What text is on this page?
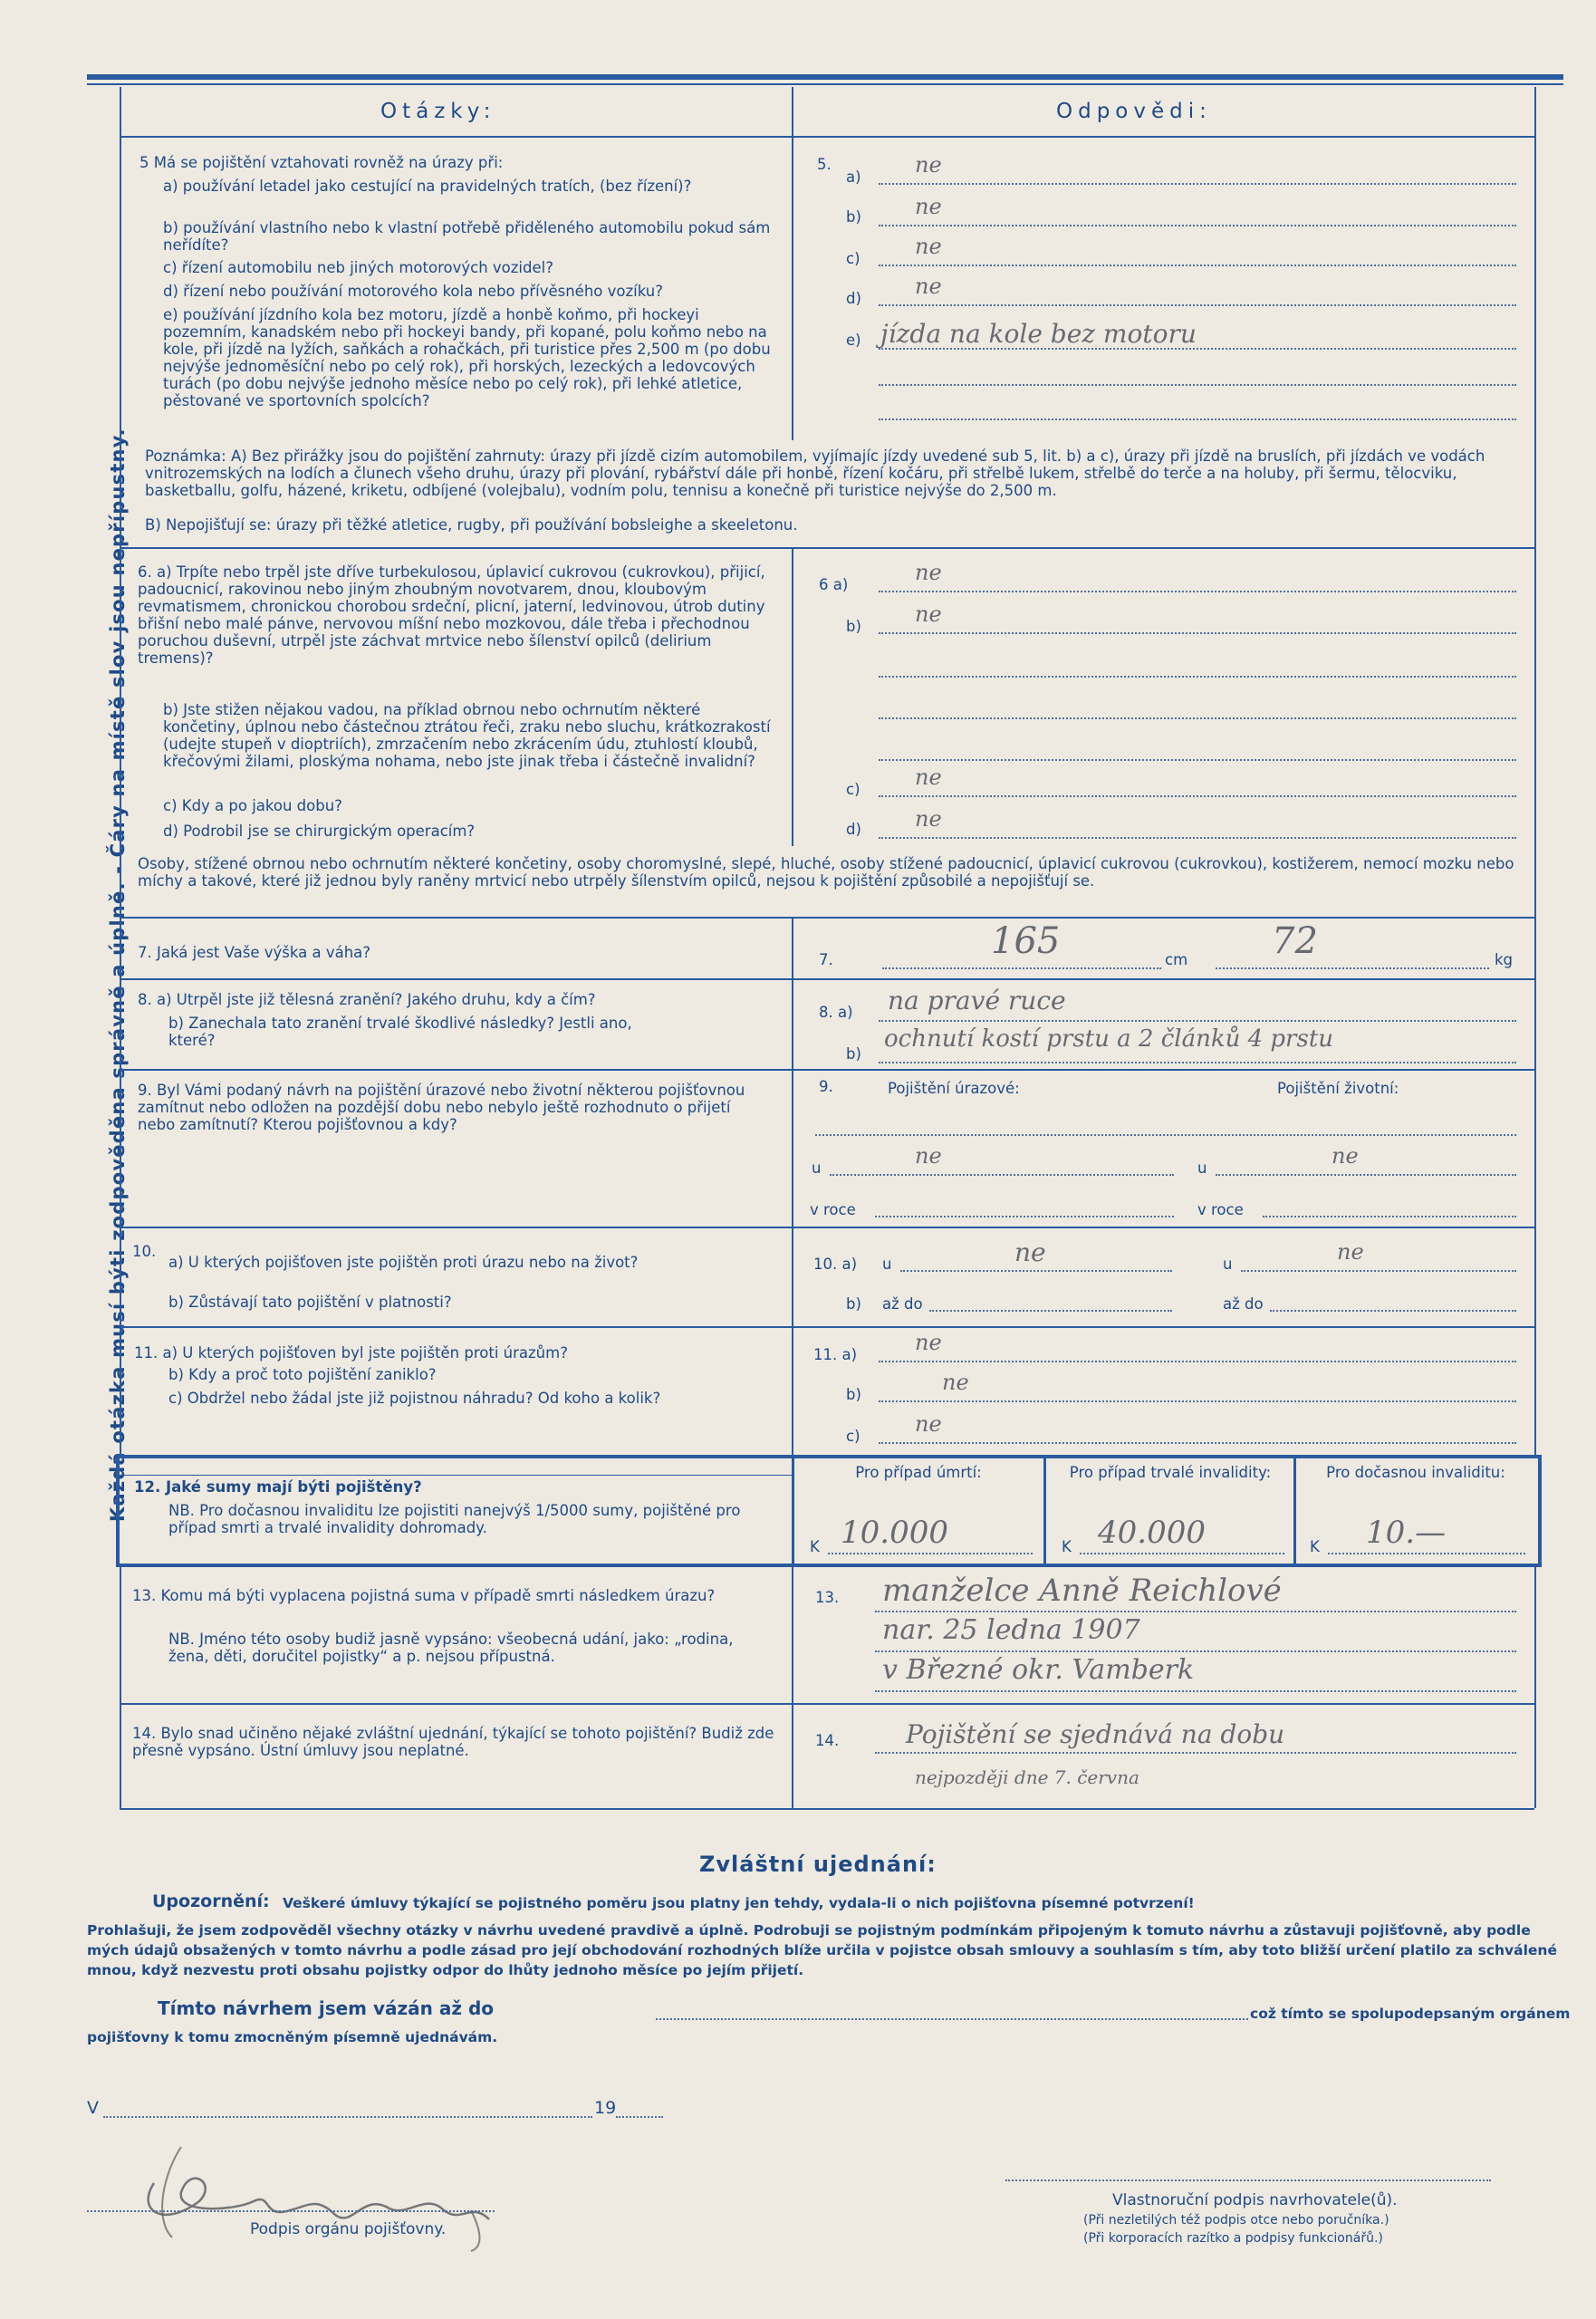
Každá otázka musí býti zodpověděna správně a úplně. - Čáry na místě slov jsou nepřípustny.
Otázky:	Odpovědi:
5 Má se pojištění vztahovati rovněž na úrazy při:
a) používání letadel jako cestující na pravidelných tratích, (bez řízení)?
b) používání vlastního nebo k vlastní potřebě přiděleného automobilu pokud sám neřídíte?
c) řízení automobilu neb jiných motorových vozidel?
d) řízení nebo používání motorového kola nebo přívěsného vozíku?
e) používání jízdního kola bez motoru, jízdě a honbě koňmo, při hockeyi pozemním, kanadském nebo při hockeyi bandy, při kopané, polu koňmo nebo na kole, při jízdě na lyžích, saňkách a rohačkách, při turistice přes 2,500 m (po dobu nejvýše jednoměsíční nebo po celý rok), při horských, lezeckých a ledovcových turách (po dobu nejvýše jednoho měsíce nebo po celý rok), při lehké atletice, pěstované ve sportovních spolcích?
5.
a) ne
b) ne
c)	ne
d) ne
e) jízda na kole bez motoru
Poznámka: A) Bez přirážky jsou do pojištění zahrnuty: úrazy při jízdě cizím automobilem, vyjímajíc jízdy uvedené sub 5, lit. b) a c), úrazy při jízdě na bruslích, při jízdách ve vodách vnitrozemských na lodích a člunech všeho druhu, úrazy při plování, rybářství dále při honbě, řízení kočáru, při střelbě lukem, střelbě do terče a na holuby, při šermu, tělocviku, basketballu, golfu, házené, kriketu, odbíjené (volejbalu), vodním polu, tennisu a konečně při turistice nejvýše do 2,500 m.
B) Nepojišťují se: úrazy při těžké atletice, rugby, při používání bobsleighe a skeeletonu.
6. a) Trpíte nebo trpěl jste dříve turbekulosou, úplavicí cukrovou (cukrovkou), přijicí, padoucnicí, rakovinou nebo jiným zhoubným novotvarem, dnou, kloubovým revmatismem, chronickou chorobou srdeční, plicní, jaterní, ledvinovou, útrob dutiny břišní nebo malé pánve, nervovou míšní nebo mozkovou, dále třeba i přechodnou poruchou duševní, utrpěl jste záchvat mrtvice nebo šílenství opilců (delirium tremens)?
b) Jste stižen nějakou vadou, na příklad obrnou nebo ochrnutím některé končetiny, úplnou nebo částečnou ztrátou řeči, zraku nebo sluchu, krátkozrakostí (udejte stupeň v dioptriích), zmrzačením nebo zkrácením údu, ztuhlostí kloubů, křečovými žilami, ploskýma nohama, nebo jste jinak třeba i částečně invalidní?
c) Kdy a po jakou dobu?
d) Podrobil jse se chirurgickým operacím?
6 a)	ne
b) ne
c)	ne
d) ne
Osoby, stížené obrnou nebo ochrnutím některé končetiny, osoby choromyslné, slepé, hluché, osoby stížené padoucnicí, úplavicí cukrovou (cukrovkou), kostižerem, nemocí mozku nebo míchy a takové, které již jednou byly raněny mrtvicí nebo utrpěly šílenstvím opilců, nejsou k pojištění způsobilé a nepojišťují se.
7. Jaká jest Vaše výška a váha?	7.	165	cm 72	kg
8. a) Utrpěl jste již tělesná zranění? Jakého druhu, kdy a čím?
b) Zanechala tato zranění trvalé škodlivé následky? Jestli ano, které?
8. a) na pravé ruce
b)
ochnutí kostí prstu a 2 článků 4 prstu
9. Byl Vámi podaný návrh na pojištění úrazové nebo životní některou pojišťovnou zamítnut nebo odložen na pozdější dobu nebo nebylo ještě rozhodnuto o přijetí nebo zamítnutí? Kterou pojišťovnou a kdy?
9.	Pojištění úrazové:	Pojištění životní:
u	ne	u	ne
v roce	v roce
10.
a) U kterých pojišťoven jste pojištěn proti úrazu nebo na život?
b) Zůstávají tato pojištění v platnosti?
10. a) u	ne	u	ne
b) až do	až do
11. a) U kterých pojišťoven byl jste pojištěn proti úrazům?
b) Kdy a proč toto pojištění zaniklo?
c) Obdržel nebo žádal jste již pojistnou náhradu? Od koho a kolik?
11. a)	ne
b)	ne
c)	ne
12. Jaké sumy mají býti pojištěny?
NB. Pro dočasnou invaliditu lze pojistiti nanejvýš 1/5000 sumy, pojištěné pro případ smrti a trvalé invalidity dohromady.
Pro případ úmrtí:	Pro případ trvalé invalidity:	Pro dočasnou invaliditu:
K 10.000	K 40.000	K 10.—
13. Komu má býti vyplacena pojistná suma v případě smrti následkem úrazu?
NB. Jméno této osoby budiž jasně vypsáno: všeobecná udání, jako: „rodina, žena, děti, doručitel pojistky“ a p. nejsou přípustná.
13. manželce Anně Reichlové
nar. 25 ledna 1907
v Březné okr. Vamberk
14. Bylo snad učiněno nějaké zvláštní ujednání, týkající se tohoto pojištění? Budiž zde přesně vypsáno. Ústní úmluvy jsou neplatné.
14.	Pojištění se sjednává na dobu
nejpozději dne 7. června
Zvláštní ujednání:
Upozornění: Veškeré úmluvy týkající se pojistného poměru jsou platny jen tehdy, vydala-li o nich pojišťovna písemné potvrzení!
Prohlašuji, že jsem zodpověděl všechny otázky v návrhu uvedené pravdivě a úplně. Podrobuji se pojistným podmínkám připojeným k tomuto návrhu a zůstavuji pojišťovně, aby podle mých údajů obsažených v tomto návrhu a podle zásad pro její obchodování rozhodných blíže určila v pojistce obsah smlouvy a souhlasím s tím, aby toto bližší určení platilo za schválené mnou, když nezvestu proti obsahu pojistky odpor do lhůty jednoho měsíce po jejím přijetí.
Tímto návrhem jsem vázán až do	což tímto se spolupodepsaným orgánem
pojišťovny k tomu zmocněným písemně ujednávám.
V	19
Podpis orgánu pojišťovny.
Vlastnoruční podpis navrhovatele(ů).
(Při nezletilých též podpis otce nebo poručníka.)
(Při korporacích razítko a podpisy funkcionářů.)
